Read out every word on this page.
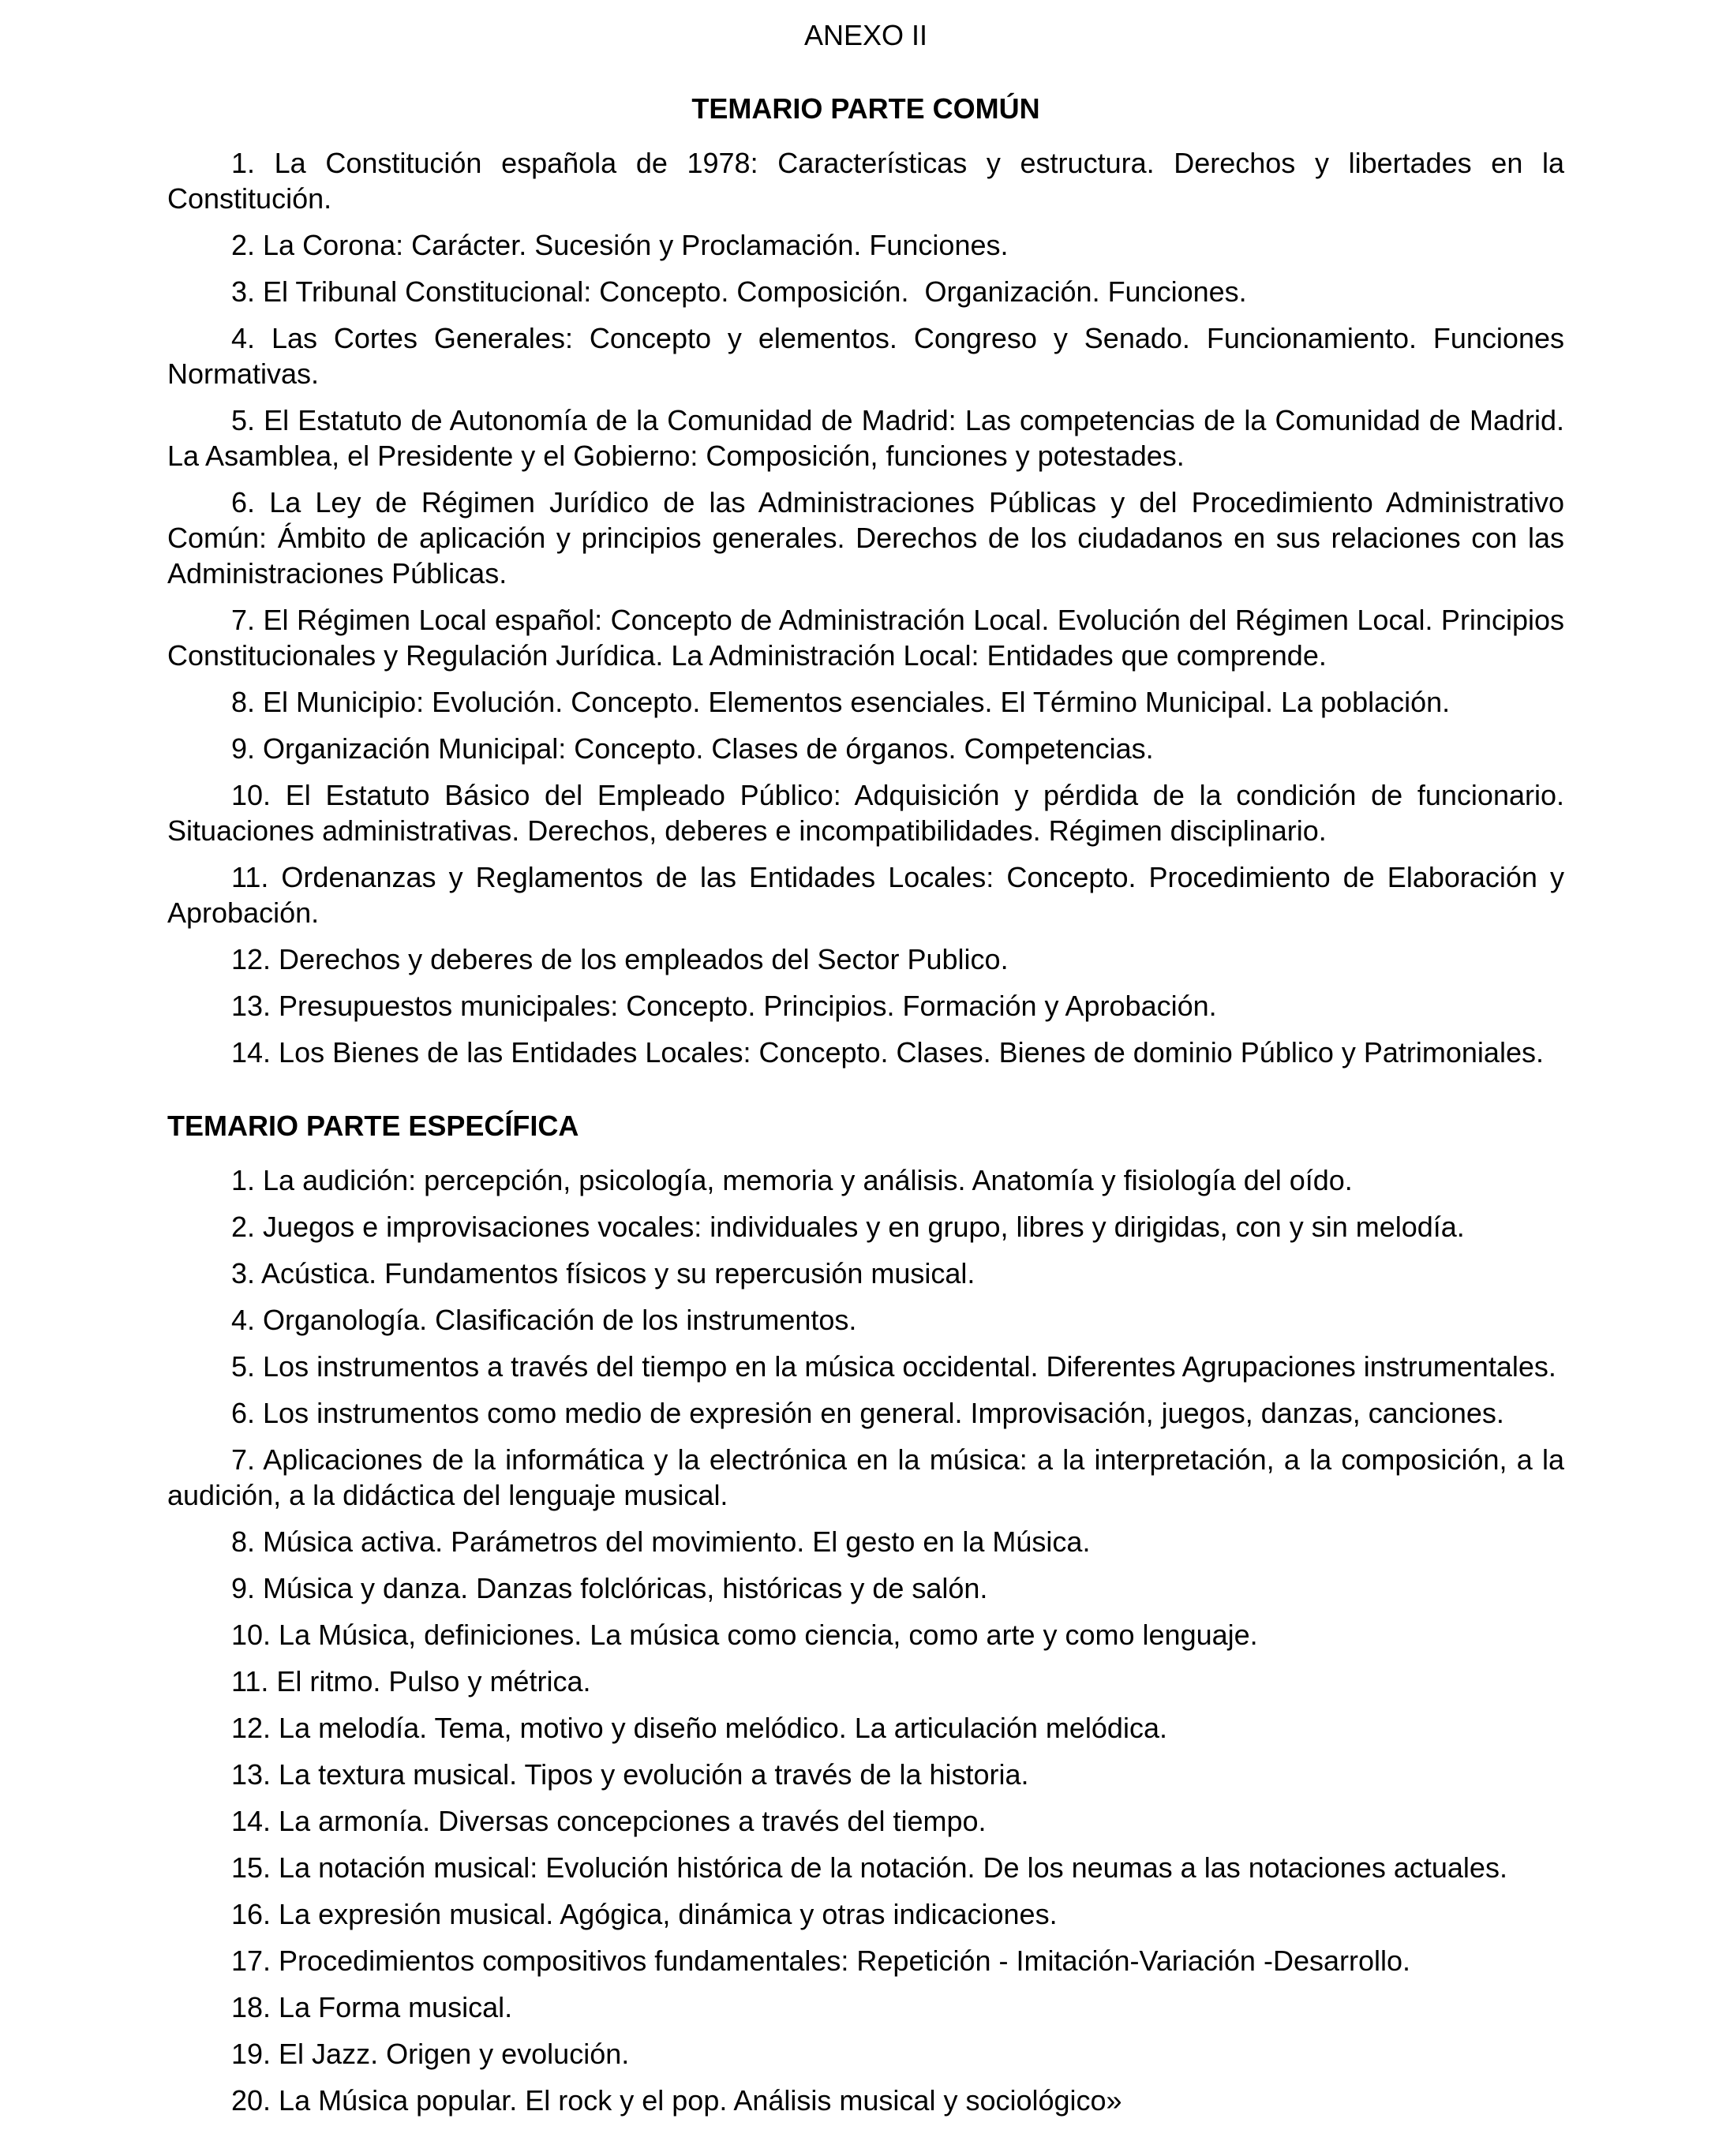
ANEXO II

TEMARIO PARTE COMÚN

1. La Constitución española de 1978: Características y estructura. Derechos y libertades en la Constitución.

2. La Corona: Carácter. Sucesión y Proclamación. Funciones.

3. El Tribunal Constitucional: Concepto. Composición.  Organización. Funciones.

4. Las Cortes Generales: Concepto y elementos. Congreso y Senado. Funcionamiento. Funciones Normativas.

5. El Estatuto de Autonomía de la Comunidad de Madrid: Las competencias de la Comunidad de Madrid. La Asamblea, el Presidente y el Gobierno: Composición, funciones y potestades.

6. La Ley de Régimen Jurídico de las Administraciones Públicas y del Procedimiento Administrativo Común: Ámbito de aplicación y principios generales. Derechos de los ciudadanos en sus relaciones con las Administraciones Públicas.

7. El Régimen Local español: Concepto de Administración Local. Evolución del Régimen Local. Principios Constitucionales y Regulación Jurídica. La Administración Local: Entidades que comprende.

8. El Municipio: Evolución. Concepto. Elementos esenciales. El Término Municipal. La población.

9. Organización Municipal: Concepto. Clases de órganos. Competencias.

10. El Estatuto Básico del Empleado Público: Adquisición y pérdida de la condición de funcionario. Situaciones administrativas. Derechos, deberes e incompatibilidades. Régimen disciplinario.

11. Ordenanzas y Reglamentos de las Entidades Locales: Concepto. Procedimiento de Elaboración y Aprobación.

12. Derechos y deberes de los empleados del Sector Publico.

13. Presupuestos municipales: Concepto. Principios. Formación y Aprobación.

14. Los Bienes de las Entidades Locales: Concepto. Clases. Bienes de dominio Público y Patrimoniales.

TEMARIO PARTE ESPECÍFICA

1. La audición: percepción, psicología, memoria y análisis. Anatomía y fisiología del oído.

2. Juegos e improvisaciones vocales: individuales y en grupo, libres y dirigidas, con y sin melodía.

3. Acústica. Fundamentos físicos y su repercusión musical.

4. Organología. Clasificación de los instrumentos.

5. Los instrumentos a través del tiempo en la música occidental. Diferentes Agrupaciones instrumentales.

6. Los instrumentos como medio de expresión en general. Improvisación, juegos, danzas, canciones.

7. Aplicaciones de la informática y la electrónica en la música: a la interpretación, a la composición, a la audición, a la didáctica del lenguaje musical.

8. Música activa. Parámetros del movimiento. El gesto en la Música.

9. Música y danza. Danzas folclóricas, históricas y de salón.

10. La Música, definiciones. La música como ciencia, como arte y como lenguaje.

11. El ritmo. Pulso y métrica.

12. La melodía. Tema, motivo y diseño melódico. La articulación melódica.

13. La textura musical. Tipos y evolución a través de la historia.

14. La armonía. Diversas concepciones a través del tiempo.

15. La notación musical: Evolución histórica de la notación. De los neumas a las notaciones actuales.

16. La expresión musical. Agógica, dinámica y otras indicaciones.

17. Procedimientos compositivos fundamentales: Repetición - Imitación-Variación -Desarrollo.

18. La Forma musical.

19. El Jazz. Origen y evolución.

20. La Música popular. El rock y el pop. Análisis musical y sociológico»
